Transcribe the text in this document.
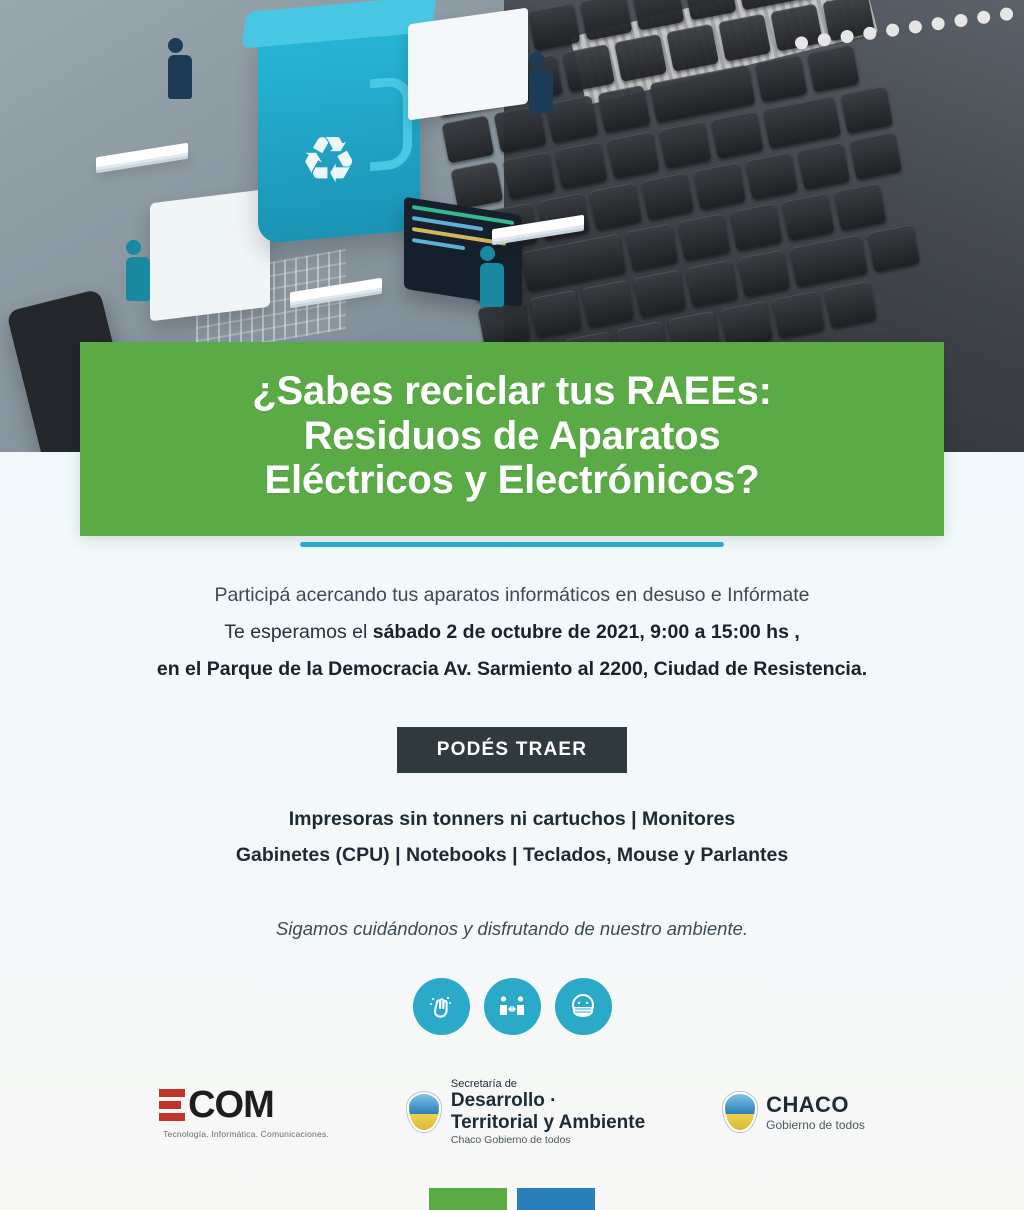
♻
¿Sabes reciclar tus RAEEs:
Residuos de Aparatos
Eléctricos y Electrónicos?

Participá acercando tus aparatos informáticos en desuso e Infórmate

Te esperamos el sábado 2 de octubre de 2021, 9:00 a 15:00 hs ,

en el Parque de la Democracia Av. Sarmiento al 2200, Ciudad de Resistencia.

PODÉS TRAER
Impresoras sin tonners ni cartuchos | Monitores
Gabinetes (CPU) | Notebooks | Teclados, Mouse y Parlantes
Sigamos cuidándonos y disfrutando de nuestro ambiente.
COM
Tecnología. Informática. Comunicaciones.
Secretaría de
Desarrollo ·
Territorial y Ambiente
Chaco Gobierno de todos
CHACO
Gobierno de todos
